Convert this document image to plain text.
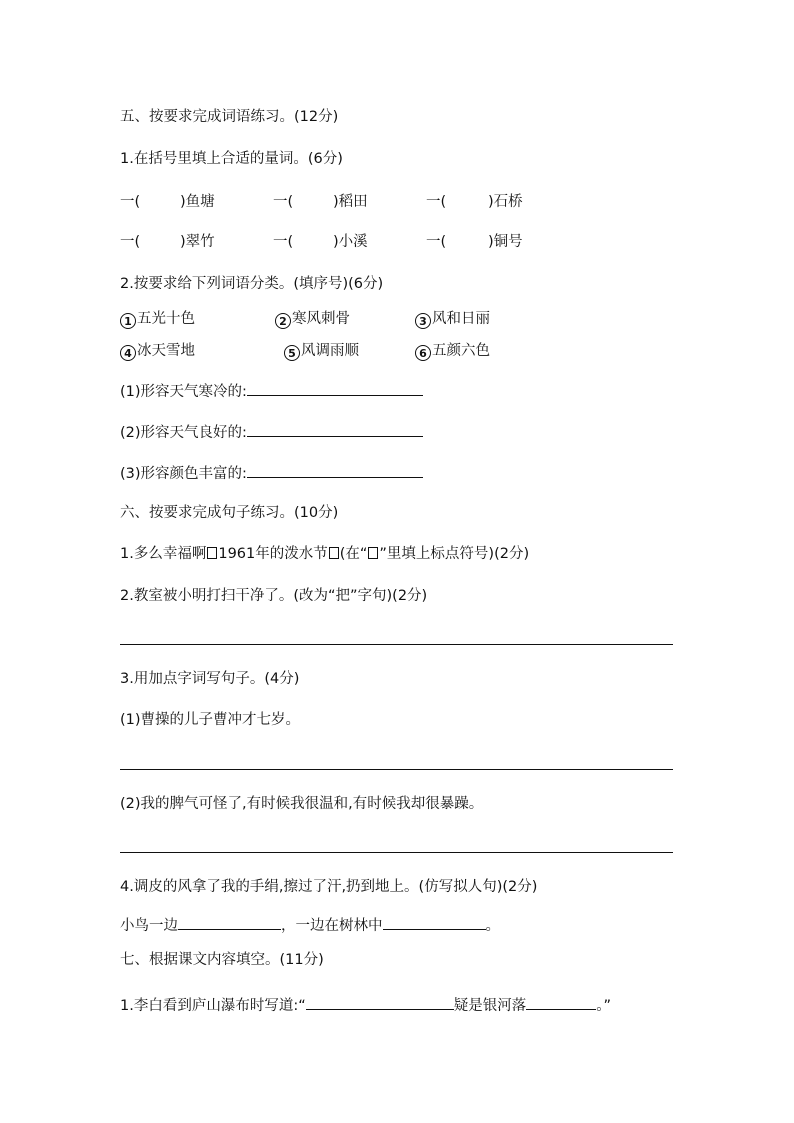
五、按要求完成词语练习。(12分)
1.在括号里填上合适的量词。(6分)
一(	)鱼塘	一(	)稻田	一(	)石桥
一(	)翠竹	一(	)小溪	一(	)铜号
2.按要求给下列词语分类。(填序号)(6分)
1 五光十色	2 寒风刺骨	3 风和日丽
4 冰天雪地	5 风调雨顺	6 五颜六色
(1)形容天气寒冷的:
(2)形容天气良好的:
(3)形容颜色丰富的:
六、按要求完成句子练习。(10分)
1.多么幸福啊 1961年的泼水节 (在“ ”里填上标点符号)(2分)
2.教室被小明打扫干净了。(改为“把”字句)(2分)
3.用加点字词写句子。(4分)
(1)曹操的儿子曹冲才七岁。
(2)我的脾气可怪了,有时候我很温和,有时候我却很暴躁。
4.调皮的风拿了我的手绢,擦过了汗,扔到地上。(仿写拟人句)(2分)
小鸟一边	，一边在树林中	。
七、根据课文内容填空。(11分)
1.李白看到庐山瀑布时写道:“	疑是银河落	。”
